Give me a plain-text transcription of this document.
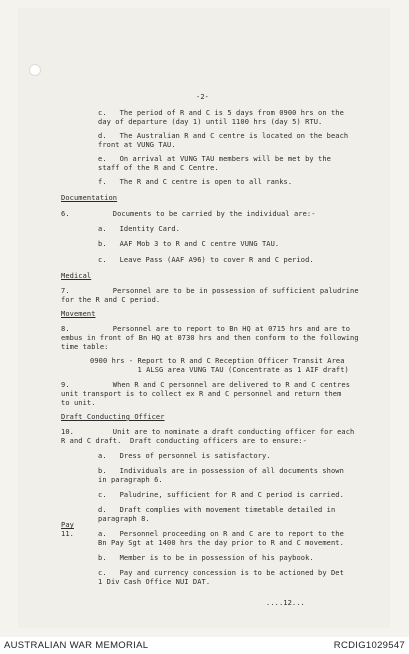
-2-
c.   The period of R and C is 5 days from 0900 hrs on the
day of departure (day 1) until 1100 hrs (day 5) RTU.
d.   The Australian R and C centre is located on the beach
front at VUNG TAU.
e.   On arrival at VUNG TAU members will be met by the
staff of the R and C Centre.
f.   The R and C centre is open to all ranks.
Documentation
6.          Documents to be carried by the individual are:-
a.   Identity Card.
b.   AAF Mob 3 to R and C centre VUNG TAU.
c.   Leave Pass (AAF A96) to cover R and C period.
Medical
7.          Personnel are to be in possession of sufficient paludrine
for the R and C period.
Movement
8.          Personnel are to report to Bn HQ at 0715 hrs and are to
embus in front of Bn HQ at 0730 hrs and then conform to the following
time table:
0900 hrs - Report to R and C Reception Officer Transit Area
1 ALSG area VUNG TAU (Concentrate as 1 AIF draft)
9.          When R and C personnel are delivered to R and C centres
unit transport is to collect ex R and C personnel and return them
to unit.
Draft Conducting Officer
10.         Unit are to nominate a draft conducting officer for each
R and C draft.  Draft conducting officers are to ensure:-
a.   Dress of personnel is satisfactory.
b.   Individuals are in possession of all documents shown
in paragraph 6.
c.   Paludrine, sufficient for R and C period is carried.
d.   Draft complies with movement timetable detailed in
paragraph 8.
Pay
11.	a.   Personnel proceeding on R and C are to report to the
Bn Pay Sgt at 1400 hrs the day prior to R and C movement.
b.   Member is to be in possession of his paybook.
c.   Pay and currency concession is to be actioned by Det
1 Div Cash Office NUI DAT.
....12...
AUSTRALIAN WAR MEMORIAL	RCDIG1029547
